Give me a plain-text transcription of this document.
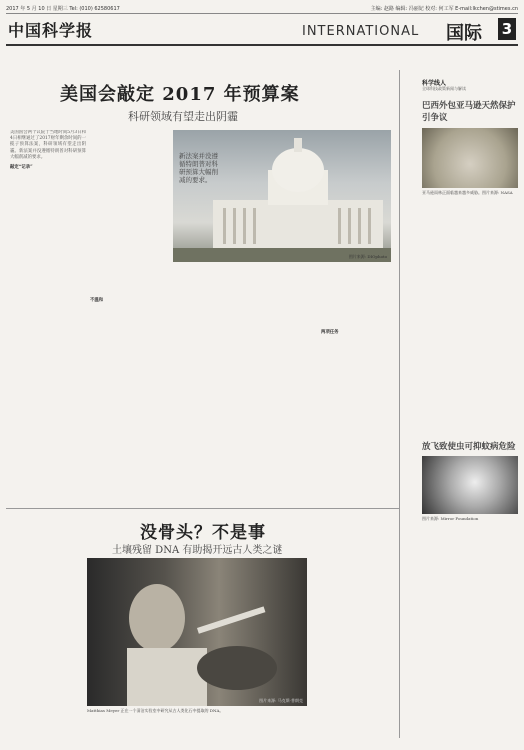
2017 年 5 月 10 日 星期三 Tel: (010) 62580617	主编: 赵路 编辑: 冯丽妃 校对: 何工军 E-mail:lkchen@stimes.cn
中国科学报	INTERNATIONAL 国际 3
美国会敲定 2017 年预算案
科研领域有望走出阴霾

美国国会两个议院于当地时间5月3日和4日相继通过了2017财年剩余时间的一揽子预算法案，科研领域有望走出阴霾。新法案并没遵循特朗普对科研预算大幅削减的要求。

敲定“记录”

不温和

两项任务

新法案并没遵循特朗普对科研预算大幅削减的要求。
图片来源: DIOphoto
科学线人
全球科技政策新闻与解读
巴西外包亚马逊天然保护引争议
亚马逊雨林正面临越来越多威胁。图片来源: NASA
放飞致使虫可抑蚊病危险
图片来源: Mirror Foundation
没骨头？不是事
土壤残留 DNA 有助揭开远古人类之谜
图片来源: 马克斯·普朗克
Matthias Meyer 正在一个清洁实验室中研究从古人类化石中提取的 DNA。
